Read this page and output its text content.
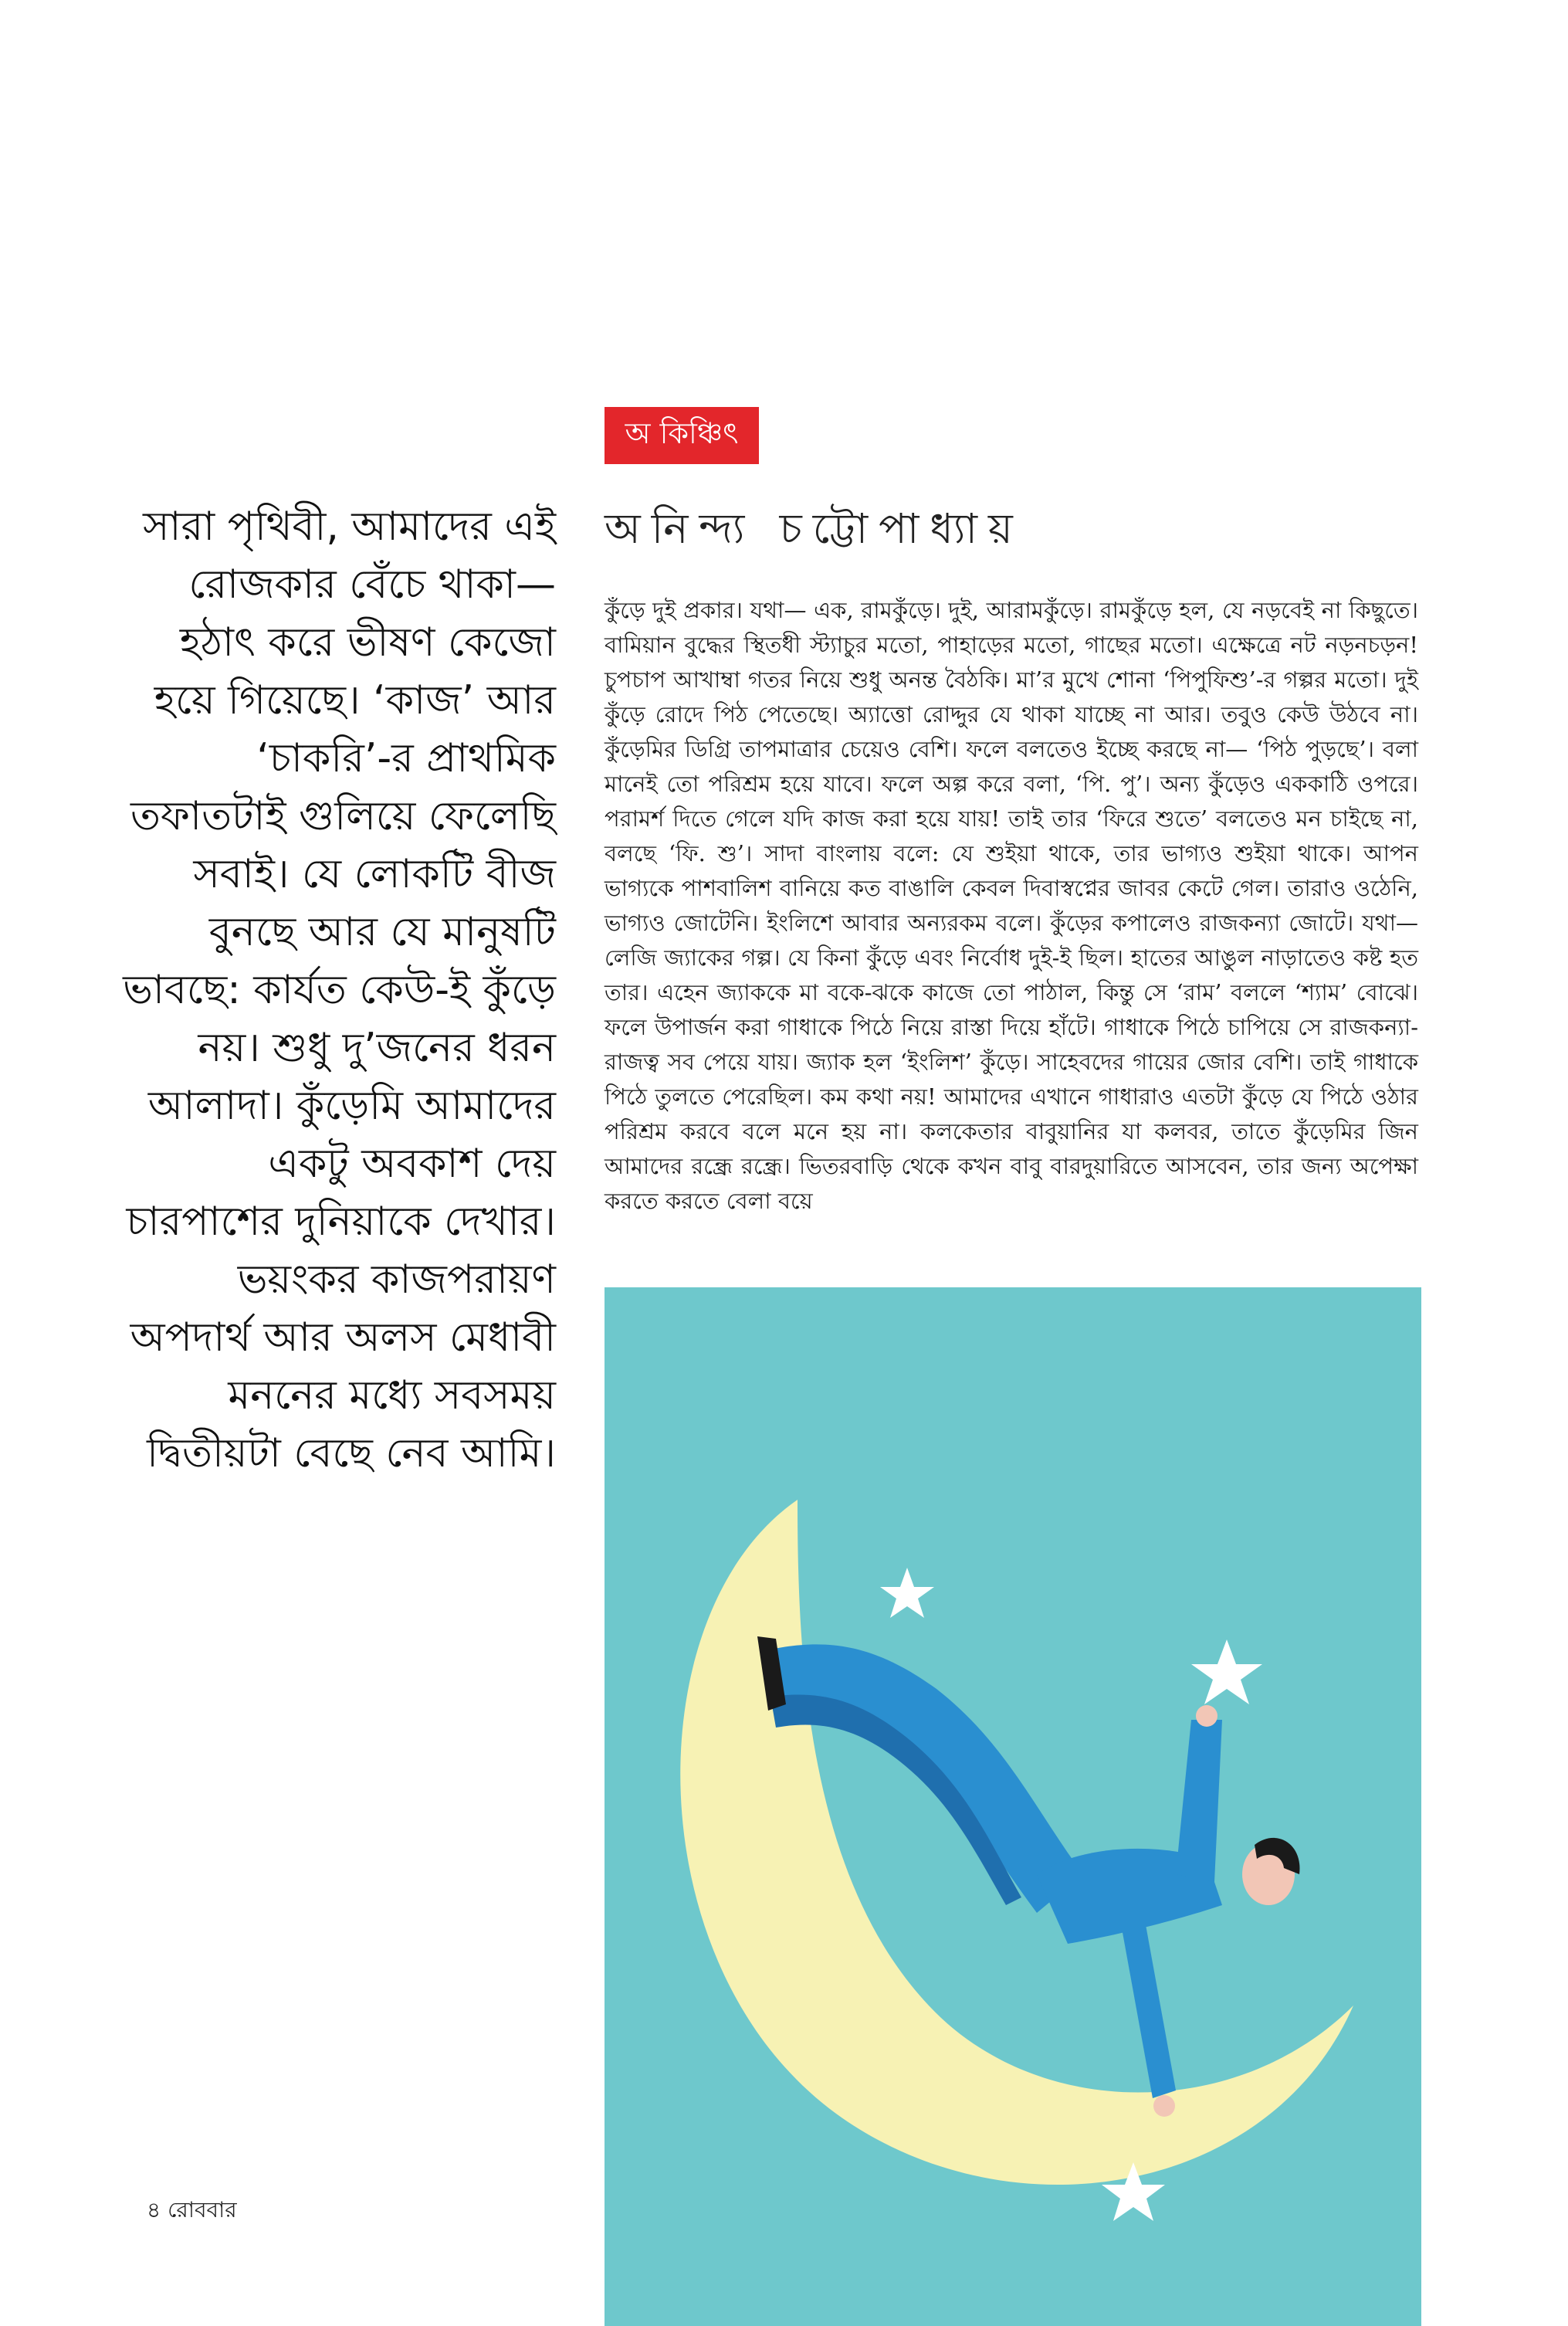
অ কিঞ্চিৎ
সারা পৃথিবী, আমাদের এই রোজকার বেঁচে থাকা— হঠাৎ করে ভীষণ কেজো হয়ে গিয়েছে। ‘কাজ’ আর ‘চাকরি’-র প্রাথমিক তফাতটাই গুলিয়ে ফেলেছি সবাই। যে লোকটি বীজ বুনছে আর যে মানুষটি ভাবছে: কার্যত কেউ-ই কুঁড়ে নয়। শুধু দু’জনের ধরন আলাদা। কুঁড়েমি আমাদের একটু অবকাশ দেয় চারপাশের দুনিয়াকে দেখার। ভয়ংকর কাজপরায়ণ অপদার্থ আর অলস মেধাবী মননের মধ্যে সবসময় দ্বিতীয়টা বেছে নেব আমি।
অনিন্দ্য চট্টোপাধ্যায়

কুঁড়ে দুই প্রকার। যথা— এক, রামকুঁড়ে। দুই, আরামকুঁড়ে। রামকুঁড়ে হল, যে নড়বেই না কিছুতে। বামিয়ান বুদ্ধের স্থিতধী স্ট্যাচুর মতো, পাহাড়ের মতো, গাছের মতো। এক্ষেত্রে নট নড়নচড়ন! চুপচাপ আখাম্বা গতর নিয়ে শুধু অনন্ত বৈঠকি। মা’র মুখে শোনা ‘পিপুফিশু’-র গল্পর মতো। দুই কুঁড়ে রোদে পিঠ পেতেছে। অ্যাত্তো রোদ্দুর যে থাকা যাচ্ছে না আর। তবুও কেউ উঠবে না। কুঁড়েমির ডিগ্রি তাপমাত্রার চেয়েও বেশি। ফলে বলতেও ইচ্ছে করছে না— ‘পিঠ পুড়ছে’। বলা মানেই তো পরিশ্রম হয়ে যাবে। ফলে অল্প করে বলা, ‘পি. পু’। অন্য কুঁড়েও এককাঠি ওপরে। পরামর্শ দিতে গেলে যদি কাজ করা হয়ে যায়! তাই তার ‘ফিরে শুতে’ বলতেও মন চাইছে না, বলছে ‘ফি. শু’। সাদা বাংলায় বলে: যে শুইয়া থাকে, তার ভাগ্যও শুইয়া থাকে। আপন ভাগ্যকে পাশবালিশ বানিয়ে কত বাঙালি কেবল দিবাস্বপ্নের জাবর কেটে গেল। তারাও ওঠেনি, ভাগ্যও জোটেনি। ইংলিশে আবার অন্যরকম বলে। কুঁড়ের কপালেও রাজকন্যা জোটে। যথা— লেজি জ্যাকের গল্প। যে কিনা কুঁড়ে এবং নির্বোধ দুই-ই ছিল। হাতের আঙুল নাড়াতেও কষ্ট হত তার। এহেন জ্যাককে মা বকে-ঝকে কাজে তো পাঠাল, কিন্তু সে ‘রাম’ বললে ‘শ্যাম’ বোঝে। ফলে উপার্জন করা গাধাকে পিঠে নিয়ে রাস্তা দিয়ে হাঁটে। গাধাকে পিঠে চাপিয়ে সে রাজকন্যা-রাজত্ব সব পেয়ে যায়। জ্যাক হল ‘ইংলিশ’ কুঁড়ে। সাহেবদের গায়ের জোর বেশি। তাই গাধাকে পিঠে তুলতে পেরেছিল। কম কথা নয়! আমাদের এখানে গাধারাও এতটা কুঁড়ে যে পিঠে ওঠার পরিশ্রম করবে বলে মনে হয় না। কলকেতার বাবুয়ানির যা কলবর, তাতে কুঁড়েমির জিন আমাদের রন্ধ্রে রন্ধ্রে। ভিতরবাড়ি থেকে কখন বাবু বারদুয়ারিতে আসবেন, তার জন্য অপেক্ষা করতে করতে বেলা বয়ে

৪ রোববার
